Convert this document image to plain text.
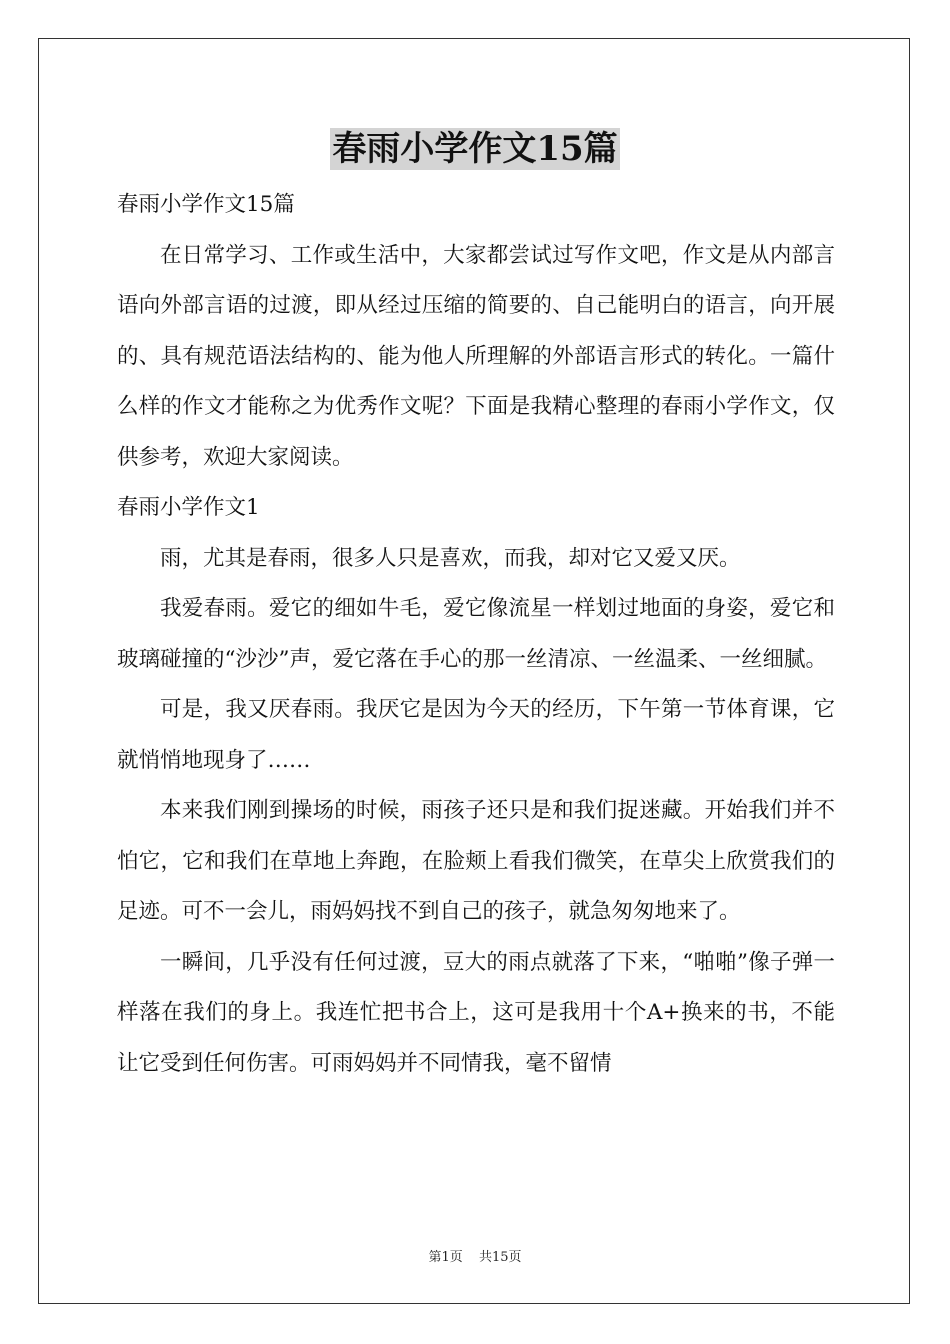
春雨小学作文15篇

春雨小学作文15篇

在日常学习、工作或生活中，大家都尝试过写作文吧，作文是从内部言语向外部言语的过渡，即从经过压缩的简要的、自己能明白的语言，向开展的、具有规范语法结构的、能为他人所理解的外部语言形式的转化。一篇什么样的作文才能称之为优秀作文呢？下面是我精心整理的春雨小学作文，仅供参考，欢迎大家阅读。

春雨小学作文1

雨，尤其是春雨，很多人只是喜欢，而我，却对它又爱又厌。

我爱春雨。爱它的细如牛毛，爱它像流星一样划过地面的身姿，爱它和玻璃碰撞的“沙沙”声，爱它落在手心的那一丝清凉、一丝温柔、一丝细腻。

可是，我又厌春雨。我厌它是因为今天的经历，下午第一节体育课，它就悄悄地现身了……

本来我们刚到操场的时候，雨孩子还只是和我们捉迷藏。开始我们并不怕它，它和我们在草地上奔跑，在脸颊上看我们微笑，在草尖上欣赏我们的足迹。可不一会儿，雨妈妈找不到自己的孩子，就急匆匆地来了。

一瞬间，几乎没有任何过渡，豆大的雨点就落了下来，“啪啪”像子弹一样落在我们的身上。我连忙把书合上，这可是我用十个A+换来的书，不能让它受到任何伤害。可雨妈妈并不同情我，毫不留情

第1页 共15页
